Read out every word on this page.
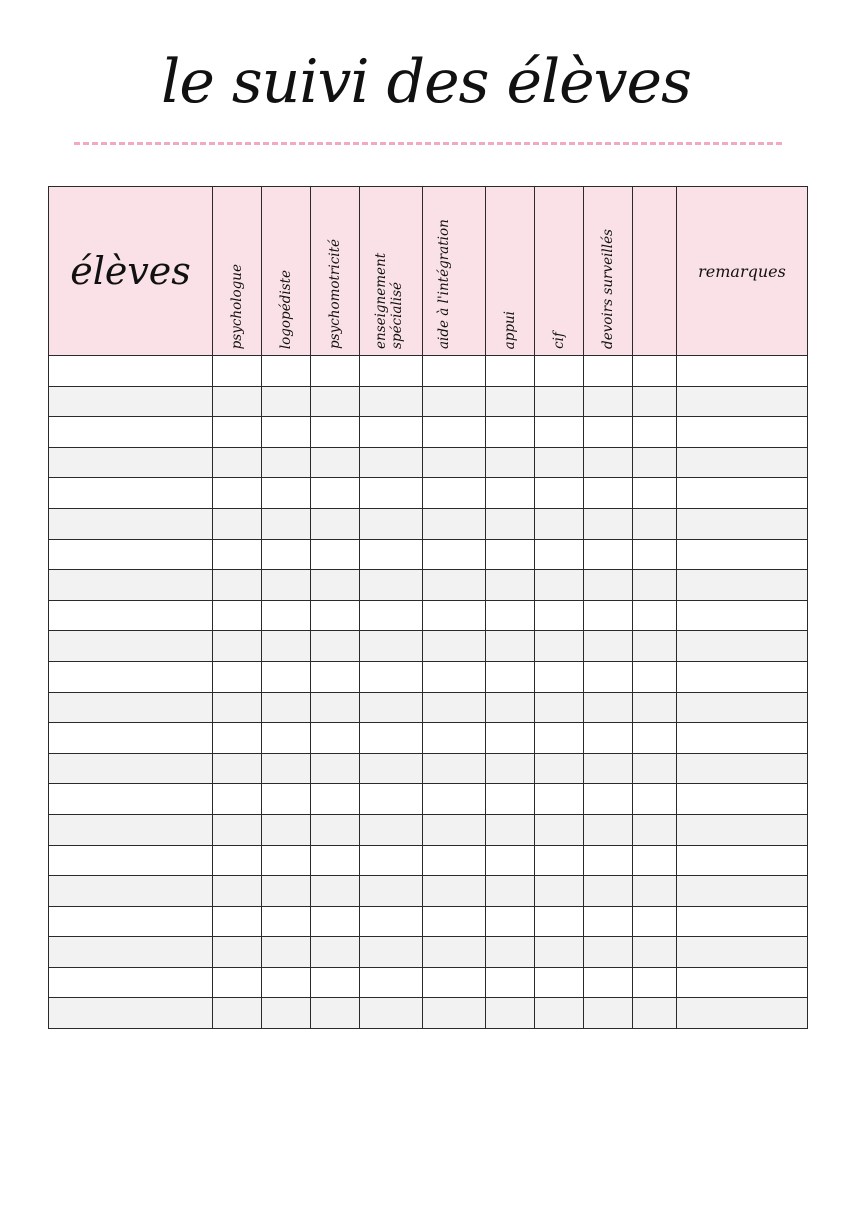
le suivi des élèves
élèves	psychologue	logopédiste	psychomotricité	enseignement spécialisé	aide à l'intégration	appui	cif	devoirs surveillés		remarques
